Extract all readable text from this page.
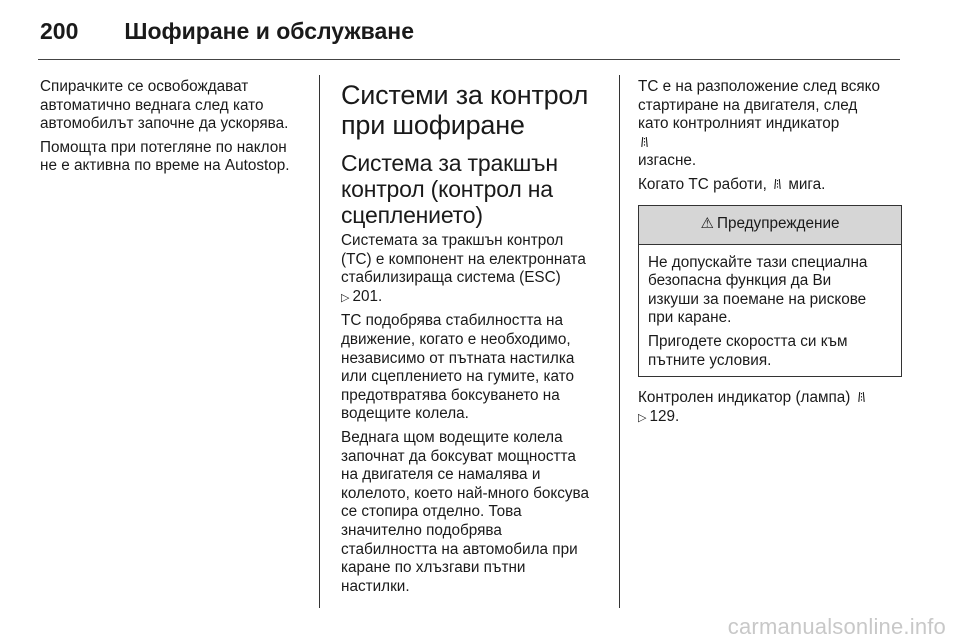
200 Шофиране и обслужване

Спирачките се освобождават
автоматично веднага след като
автомобилът започне да ускорява.

Помощта при потегляне по наклон
не е активна по време на Autostop.

Системи за контрол
при шофиране
Система за тракшън
контрол (контрол на
сцеплението)

Системата за тракшън контрол
(TC) е компонент на електронната
стабилизираща система (ESC)
▷ 201.

TC подобрява стабилността на
движение, когато е необходимо,
независимо от пътната настилка
или сцеплението на гумите, като
предотвратява боксуването на
водещите колела.

Веднага щом водещите колела
започнат да боксуват мощността
на двигателя се намалява и
колелото, което най-много боксува
се стопира отделно. Това
значително подобрява
стабилността на автомобила при
каране по хлъзгави пътни
настилки.

TC е на разположение след всяко
стартиране на двигателя, след
като контролният индикатор

изгасне.

Когато TC работи, мига.

⚠ Предупреждение

Не допускайте тази специална
безопасна функция да Ви
изкуши за поемане на рискове
при каране.

Пригодете скоростта си към
пътните условия.

Контролен индикатор (лампа)
▷ 129.

carmanualsonline.info
